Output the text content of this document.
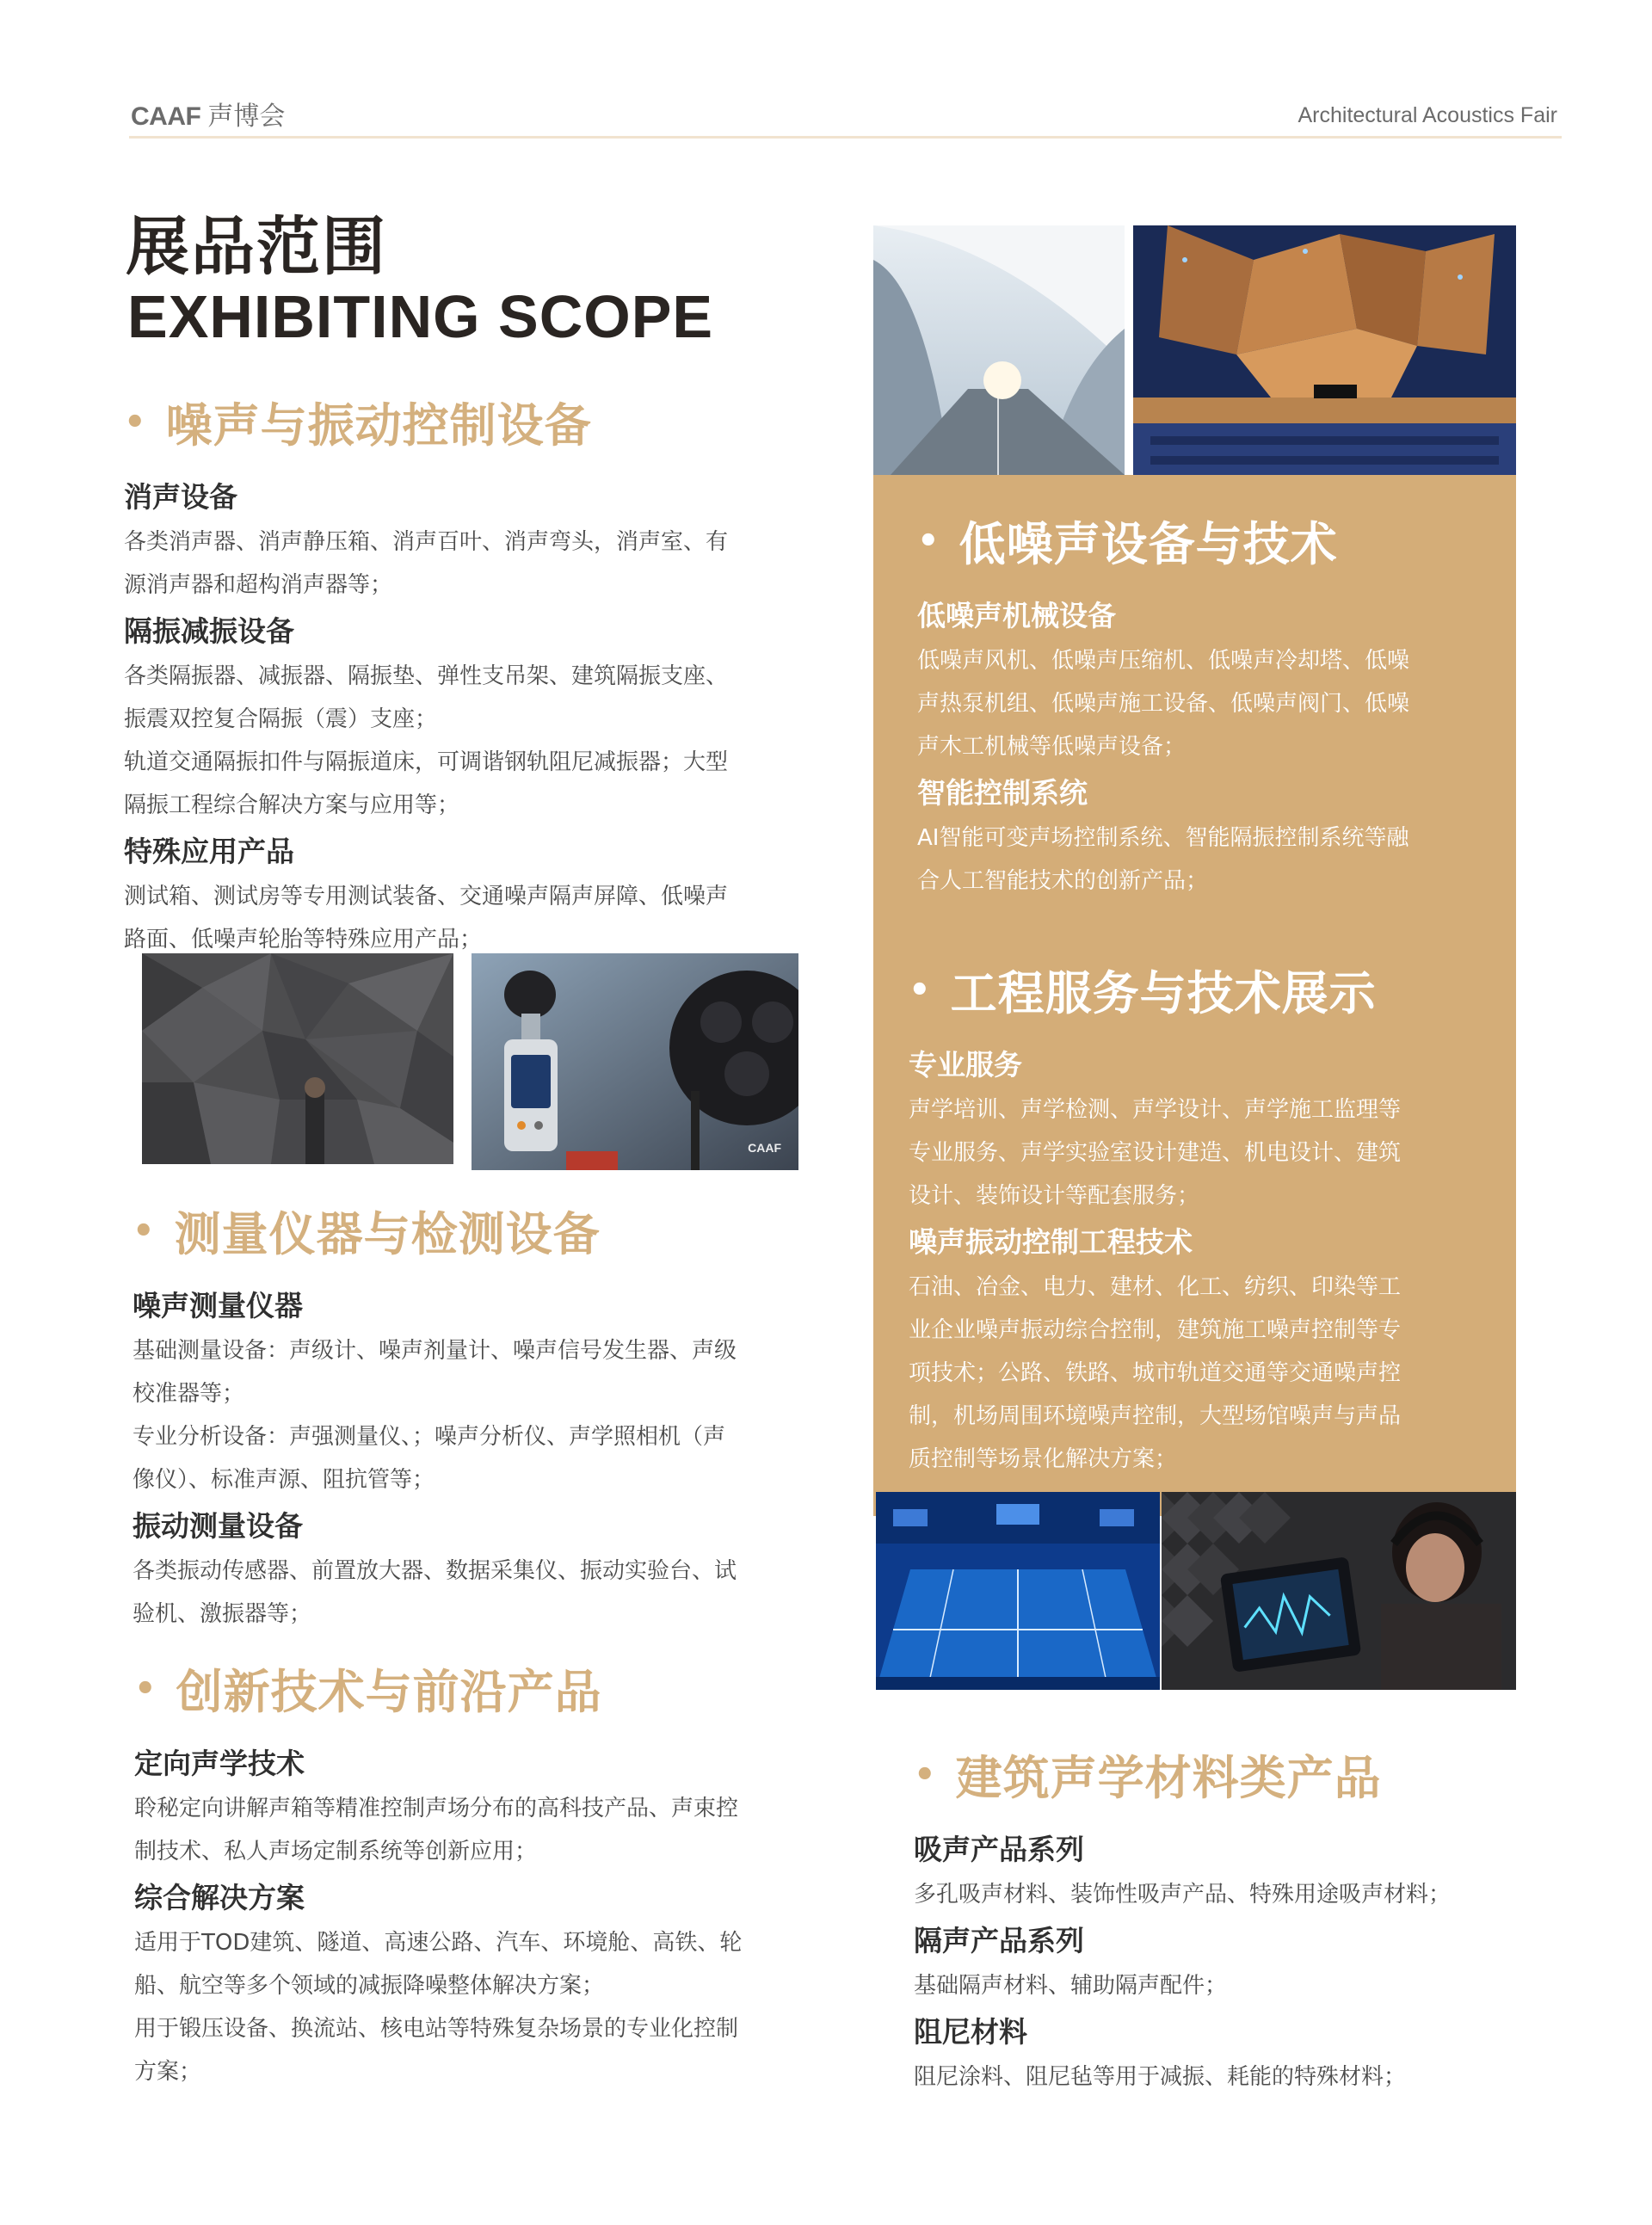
CAAF 声博会	Architectural Acoustics Fair
展品范围
EXHIBITING SCOPE
• 噪声与振动控制设备
消声设备
各类消声器、消声静压箱、消声百叶、消声弯头，消声室、有
源消声器和超构消声器等；
隔振减振设备
各类隔振器、减振器、隔振垫、弹性支吊架、建筑隔振支座、
振震双控复合隔振（震）支座；
轨道交通隔振扣件与隔振道床，可调谐钢轨阻尼减振器；大型
隔振工程综合解决方案与应用等；
特殊应用产品
测试箱、测试房等专用测试装备、交通噪声隔声屏障、低噪声
路面、低噪声轮胎等特殊应用产品；
CAAF
• 测量仪器与检测设备
噪声测量仪器
基础测量设备：声级计、噪声剂量计、噪声信号发生器、声级
校准器等；
专业分析设备：声强测量仪、；噪声分析仪、声学照相机（声
像仪）、标准声源、阻抗管等；
振动测量设备
各类振动传感器、前置放大器、数据采集仪、振动实验台、试
验机、激振器等；
• 创新技术与前沿产品
定向声学技术
聆秘定向讲解声箱等精准控制声场分布的高科技产品、声束控
制技术、私人声场定制系统等创新应用；
综合解决方案
适用于TOD建筑、隧道、高速公路、汽车、环境舱、高铁、轮
船、航空等多个领域的减振降噪整体解决方案；
用于锻压设备、换流站、核电站等特殊复杂场景的专业化控制
方案；
• 低噪声设备与技术
低噪声机械设备
低噪声风机、低噪声压缩机、低噪声冷却塔、低噪
声热泵机组、低噪声施工设备、低噪声阀门、低噪
声木工机械等低噪声设备；
智能控制系统
AI智能可变声场控制系统、智能隔振控制系统等融
合人工智能技术的创新产品；
• 工程服务与技术展示
专业服务
声学培训、声学检测、声学设计、声学施工监理等
专业服务、声学实验室设计建造、机电设计、建筑
设计、装饰设计等配套服务；
噪声振动控制工程技术
石油、冶金、电力、建材、化工、纺织、印染等工
业企业噪声振动综合控制，建筑施工噪声控制等专
项技术；公路、铁路、城市轨道交通等交通噪声控
制，机场周围环境噪声控制，大型场馆噪声与声品
质控制等场景化解决方案；
• 建筑声学材料类产品
吸声产品系列
多孔吸声材料、装饰性吸声产品、特殊用途吸声材料；
隔声产品系列
基础隔声材料、辅助隔声配件；
阻尼材料
阻尼涂料、阻尼毡等用于减振、耗能的特殊材料；
